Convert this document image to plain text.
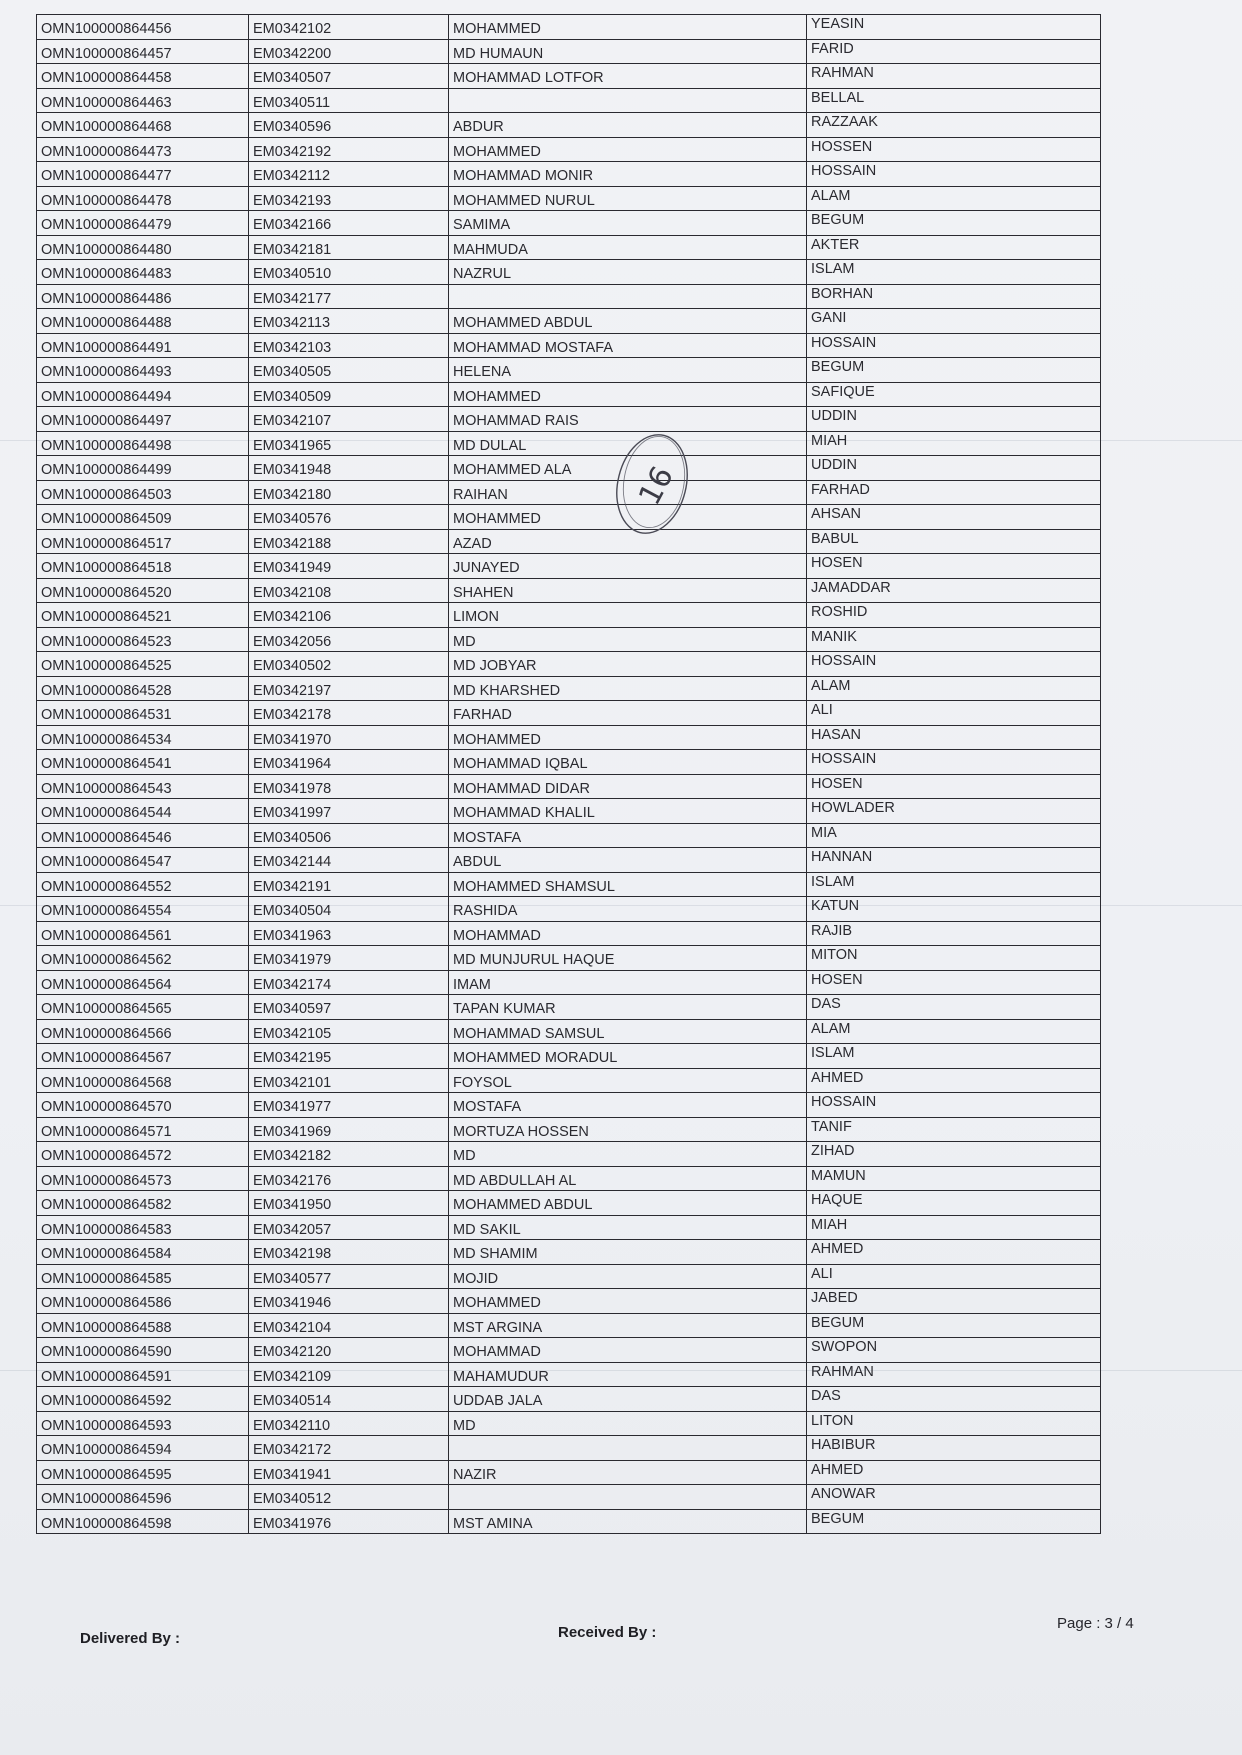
OMN100000864456	EM0342102	MOHAMMED	YEASIN
OMN100000864457	EM0342200	MD HUMAUN	FARID
OMN100000864458	EM0340507	MOHAMMAD LOTFOR	RAHMAN
OMN100000864463	EM0340511		BELLAL
OMN100000864468	EM0340596	ABDUR	RAZZAAK
OMN100000864473	EM0342192	MOHAMMED	HOSSEN
OMN100000864477	EM0342112	MOHAMMAD MONIR	HOSSAIN
OMN100000864478	EM0342193	MOHAMMED NURUL	ALAM
OMN100000864479	EM0342166	SAMIMA	BEGUM
OMN100000864480	EM0342181	MAHMUDA	AKTER
OMN100000864483	EM0340510	NAZRUL	ISLAM
OMN100000864486	EM0342177		BORHAN
OMN100000864488	EM0342113	MOHAMMED ABDUL	GANI
OMN100000864491	EM0342103	MOHAMMAD MOSTAFA	HOSSAIN
OMN100000864493	EM0340505	HELENA	BEGUM
OMN100000864494	EM0340509	MOHAMMED	SAFIQUE
OMN100000864497	EM0342107	MOHAMMAD RAIS	UDDIN
OMN100000864498	EM0341965	MD DULAL	MIAH
OMN100000864499	EM0341948	MOHAMMED ALA	UDDIN
OMN100000864503	EM0342180	RAIHAN	FARHAD
OMN100000864509	EM0340576	MOHAMMED	AHSAN
OMN100000864517	EM0342188	AZAD	BABUL
OMN100000864518	EM0341949	JUNAYED	HOSEN
OMN100000864520	EM0342108	SHAHEN	JAMADDAR
OMN100000864521	EM0342106	LIMON	ROSHID
OMN100000864523	EM0342056	MD	MANIK
OMN100000864525	EM0340502	MD JOBYAR	HOSSAIN
OMN100000864528	EM0342197	MD KHARSHED	ALAM
OMN100000864531	EM0342178	FARHAD	ALI
OMN100000864534	EM0341970	MOHAMMED	HASAN
OMN100000864541	EM0341964	MOHAMMAD IQBAL	HOSSAIN
OMN100000864543	EM0341978	MOHAMMAD DIDAR	HOSEN
OMN100000864544	EM0341997	MOHAMMAD KHALIL	HOWLADER
OMN100000864546	EM0340506	MOSTAFA	MIA
OMN100000864547	EM0342144	ABDUL	HANNAN
OMN100000864552	EM0342191	MOHAMMED SHAMSUL	ISLAM
OMN100000864554	EM0340504	RASHIDA	KATUN
OMN100000864561	EM0341963	MOHAMMAD	RAJIB
OMN100000864562	EM0341979	MD MUNJURUL HAQUE	MITON
OMN100000864564	EM0342174	IMAM	HOSEN
OMN100000864565	EM0340597	TAPAN KUMAR	DAS
OMN100000864566	EM0342105	MOHAMMAD SAMSUL	ALAM
OMN100000864567	EM0342195	MOHAMMED MORADUL	ISLAM
OMN100000864568	EM0342101	FOYSOL	AHMED
OMN100000864570	EM0341977	MOSTAFA	HOSSAIN
OMN100000864571	EM0341969	MORTUZA HOSSEN	TANIF
OMN100000864572	EM0342182	MD	ZIHAD
OMN100000864573	EM0342176	MD ABDULLAH AL	MAMUN
OMN100000864582	EM0341950	MOHAMMED ABDUL	HAQUE
OMN100000864583	EM0342057	MD SAKIL	MIAH
OMN100000864584	EM0342198	MD SHAMIM	AHMED
OMN100000864585	EM0340577	MOJID	ALI
OMN100000864586	EM0341946	MOHAMMED	JABED
OMN100000864588	EM0342104	MST ARGINA	BEGUM
OMN100000864590	EM0342120	MOHAMMAD	SWOPON
OMN100000864591	EM0342109	MAHAMUDUR	RAHMAN
OMN100000864592	EM0340514	UDDAB JALA	DAS
OMN100000864593	EM0342110	MD	LITON
OMN100000864594	EM0342172		HABIBUR
OMN100000864595	EM0341941	NAZIR	AHMED
OMN100000864596	EM0340512		ANOWAR
OMN100000864598	EM0341976	MST AMINA	BEGUM
16
Delivered By :	Received By :
Page : 3 / 4
